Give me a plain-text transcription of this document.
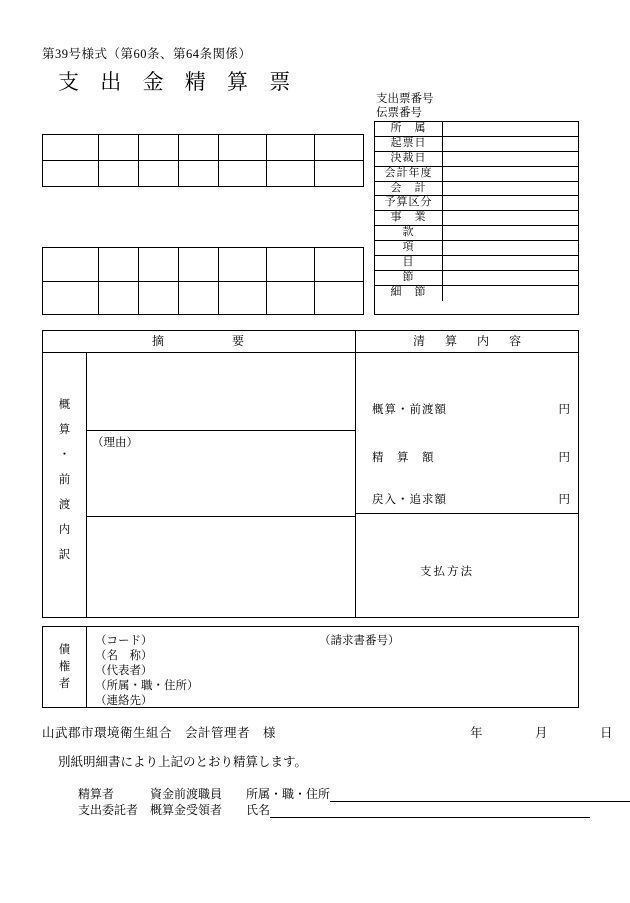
第39号様式（第60条、第64条関係）
支 出 金 精 算 票
支出票番号
伝票番号
所　属
起票日
決裁日
会計年度
会　計
予算区分
事　業
款
項
目
節
細　節
摘　　　要	清　算　内　容
概
算
・
前
渡
内
訳
（理由）
概算・前渡額	円
精　算　額	円
戻入・追求額	円
支払方法
債
権
者
（請求書番号）
（コード）
（名　称）
（代表者）
（所属・職・住所）
（連絡先）
山武郡市環境衛生組合　会計管理者　様	年　　　　月　　　　日
別紙明細書により上記のとおり精算します。
精算者	資金前渡職員	所属・職・住所
支出委託者 概算金受領者	氏名
